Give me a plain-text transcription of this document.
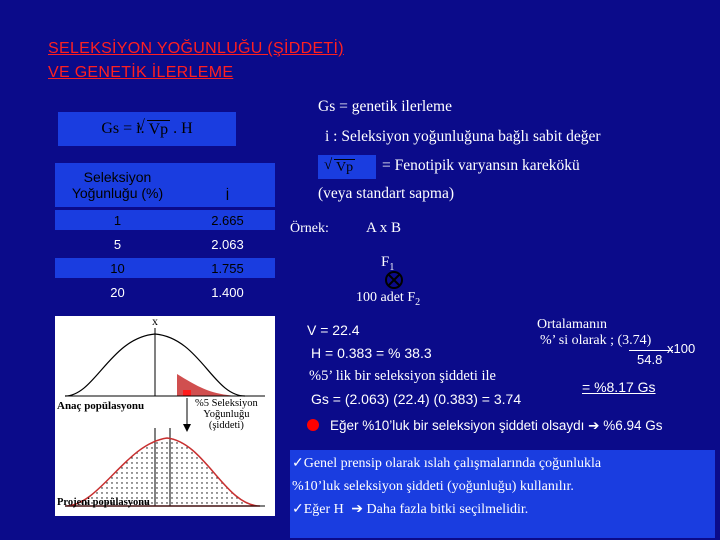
SELEKSİYON YOĞUNLUĞU (ŞİDDETİ)
VE GENETİK İLERLEME
Gs = i.
√ Vp . H
Seleksiyon
Yoğunluğu (%)	İ
1	2.665
5	2.063
10	1.755
20	1.400
x
Anaç popülasyonu	%5 Seleksiyon
Yoğunluğu
(şiddeti)
Projeni popülasyonu
Gs = genetik ilerleme
i : Seleksiyon yoğunluğuna bağlı sabit değer
√ Vp = Fenotipik varyansın karekökü
(veya standart sapma)
Örnek: A x B
$F_1$
100 adet $F_2$
V = 22.4
H = 0.383 = % 38.3
%5’ lik bir seleksiyon şiddeti ile
Gs = (2.063) (22.4) (0.383) = 3.74
Ortalamanın
%’ si olarak ; (3.74)
x100
54.8
= %8.17 Gs
Eğer %10’luk bir seleksiyon şiddeti olsaydı ➔ %6.94 Gs
✓Genel prensip olarak ıslah çalışmalarında çoğunlukla
%10’luk seleksiyon şiddeti (yoğunluğu) kullanılır.
✓Eğer H ➔ Daha fazla bitki seçilmelidir.
